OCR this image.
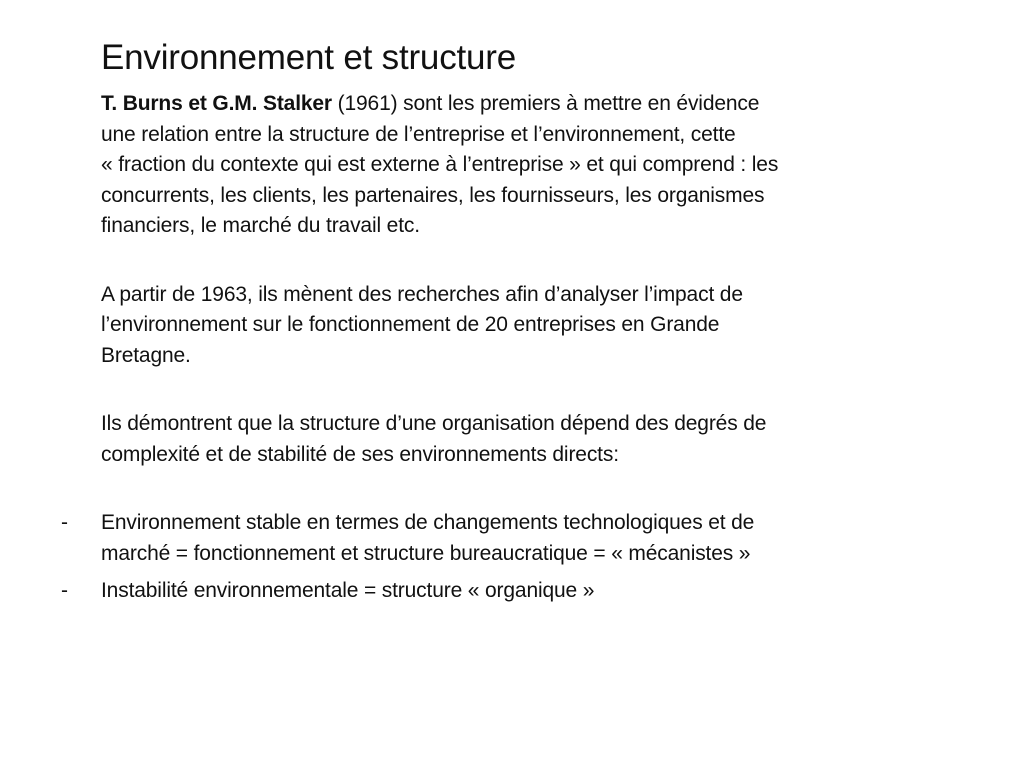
Environnement et structure

T. Burns et G.M. Stalker (1961) sont les premiers à mettre en évidence
une relation entre la structure de l’entreprise et l’environnement, cette
« fraction du contexte qui est externe à l’entreprise » et qui comprend : les
concurrents, les clients, les partenaires, les fournisseurs, les organismes
financiers, le marché du travail etc.

A partir de 1963, ils mènent des recherches afin d’analyser l’impact de
l’environnement sur le fonctionnement de 20 entreprises en Grande
Bretagne.

Ils démontrent que la structure d’une organisation dépend des degrés de
complexité et de stabilité de ses environnements directs:

- Environnement stable en termes de changements technologiques et de
marché = fonctionnement et structure bureaucratique = « mécanistes »
- Instabilité environnementale = structure « organique »
